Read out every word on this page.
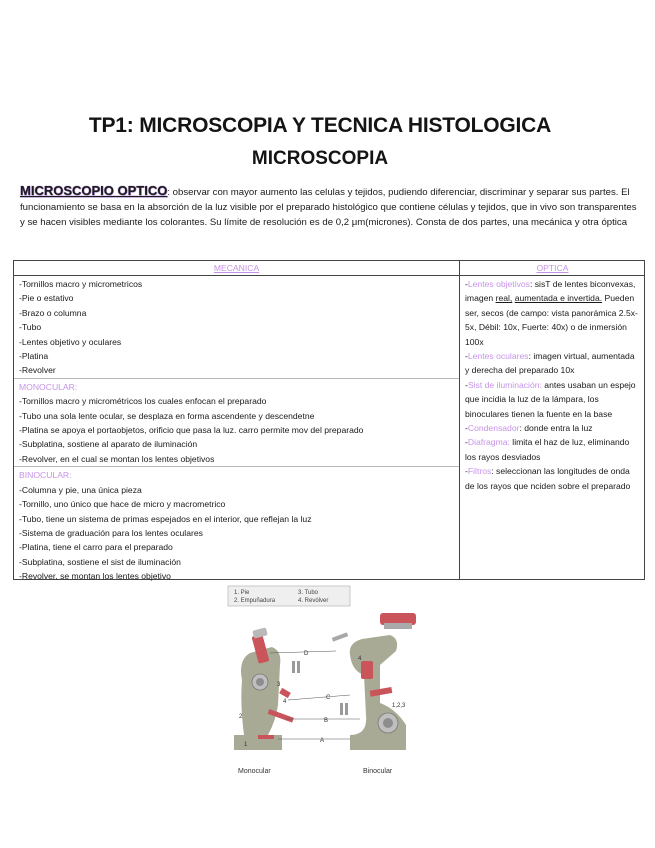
TP1: MICROSCOPIA Y TECNICA HISTOLOGICA
MICROSCOPIA
MICROSCOPIO OPTICO: observar con mayor aumento las celulas y tejidos, pudiendo diferenciar, discriminar y separar sus partes. El funcionamiento se basa en la absorción de la luz visible por el preparado histológico que contiene células y tejidos, que in vivo son transparentes y se hacen visibles mediante los colorantes. Su límite de resolución es de 0,2 μm(micrones). Consta de dos partes, una mecánica y otra óptica
MECANICA
-Tornillos macro y micrometricos
-Pie o estativo
-Brazo o columna
-Tubo
-Lentes objetivo y oculares
-Platina
-Revolver
MONOCULAR:
-Tornillos macro y micrométricos los cuales enfocan el preparado
-Tubo una sola lente ocular, se desplaza en forma ascendente y descendetne
-Platina se apoya el portaobjetos, orificio que pasa la luz. carro permite mov del preparado
-Subplatina, sostiene al aparato de iluminación
-Revolver, en el cual se montan los lentes objetivos
BINOCULAR:
-Columna y pie, una única pieza
-Tornillo, uno único que hace de micro y macrometrico
-Tubo, tiene un sistema de primas espejados en el interior, que reflejan la luz
-Sistema de graduación para los lentes oculares
-Platina, tiene el carro para el preparado
-Subplatina, sostiene el sist de iluminación
-Revolver, se montan los lentes objetivo
OPTICA

-Lentes objetivos: sisT de lentes biconvexas, imagen real, aumentada e invertida. Pueden ser, secos (de campo: vista panorámica 2.5x-5x, Débil: 10x, Fuerte: 40x) o de inmersión 100x

-Lentes oculares: imagen virtual, aumentada y derecha del preparado 10x

-Sist de iluminación: antes usaban un espejo que incidia la luz de la lámpara, los binoculares tienen la fuente en la base

-Condensador: donde entra la luz

-Diafragma: limita el haz de luz, eliminando los rayos desviados

-Filtros: seleccionan las longitudes de onda de los rayos que nciden sobre el preparado

1. Pie
2. Empuñadura
3. Tubo
4. Revólver
2
1
3
4
Monocular
A
B
C
D
4
1,2,3
Binocular
